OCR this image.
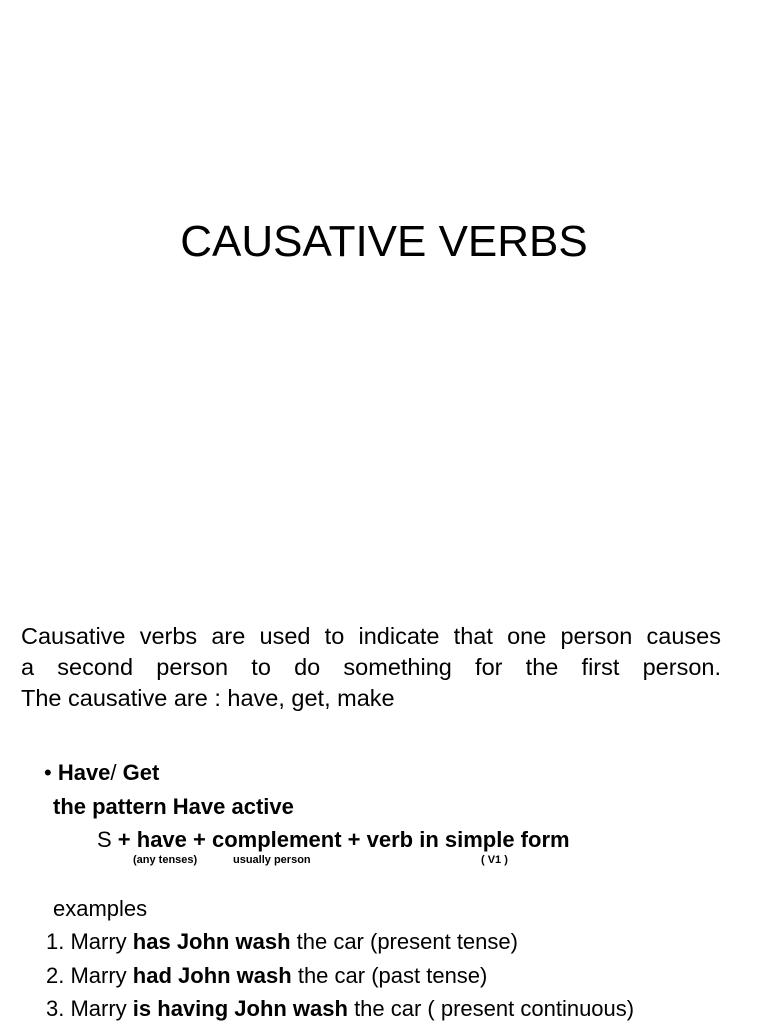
CAUSATIVE VERBS

Causative verbs are used to indicate that one person causes
a second person to do something for the first person.
The causative are : have, get, make

• Have/ Get
the pattern Have active
S + have + complement + verb in simple form
(any tenses)	usually person	( V1 )
examples
1. Marry has John wash the car (present tense)
2. Marry had John wash the car (past tense)
3. Marry is having John wash the car ( present continuous)
